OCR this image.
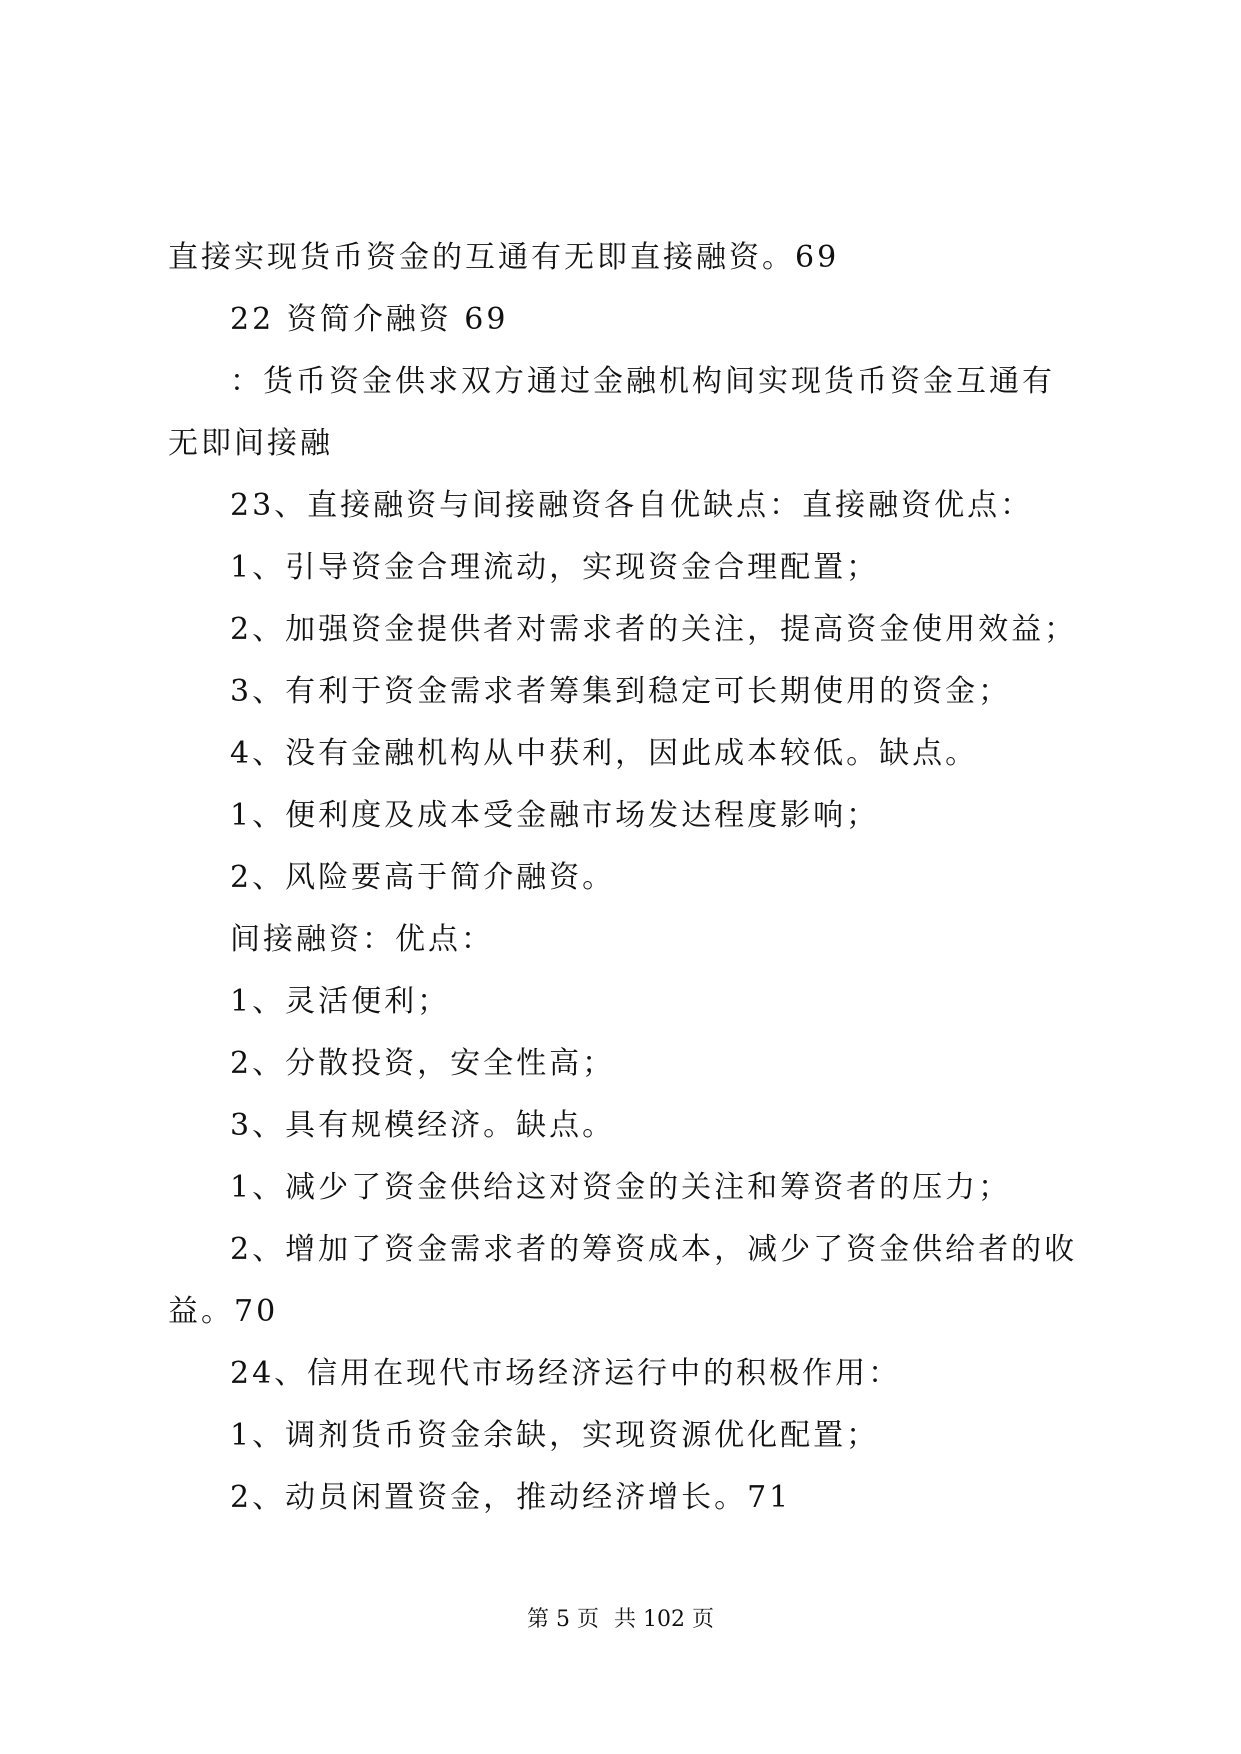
直接实现货币资金的互通有无即直接融资。69
22 资简介融资 69
：货币资金供求双方通过金融机构间实现货币资金互通有
无即间接融
23、直接融资与间接融资各自优缺点：直接融资优点：
1、引导资金合理流动，实现资金合理配置；
2、加强资金提供者对需求者的关注，提高资金使用效益；
3、有利于资金需求者筹集到稳定可长期使用的资金；
4、没有金融机构从中获利，因此成本较低。缺点。
1、便利度及成本受金融市场发达程度影响；
2、风险要高于简介融资。
间接融资：优点：
1、灵活便利；
2、分散投资，安全性高；
3、具有规模经济。缺点。
1、减少了资金供给这对资金的关注和筹资者的压力；
2、增加了资金需求者的筹资成本，减少了资金供给者的收
益。70
24、信用在现代市场经济运行中的积极作用：
1、调剂货币资金余缺，实现资源优化配置；
2、动员闲置资金，推动经济增长。71
第 5 页 共 102 页
